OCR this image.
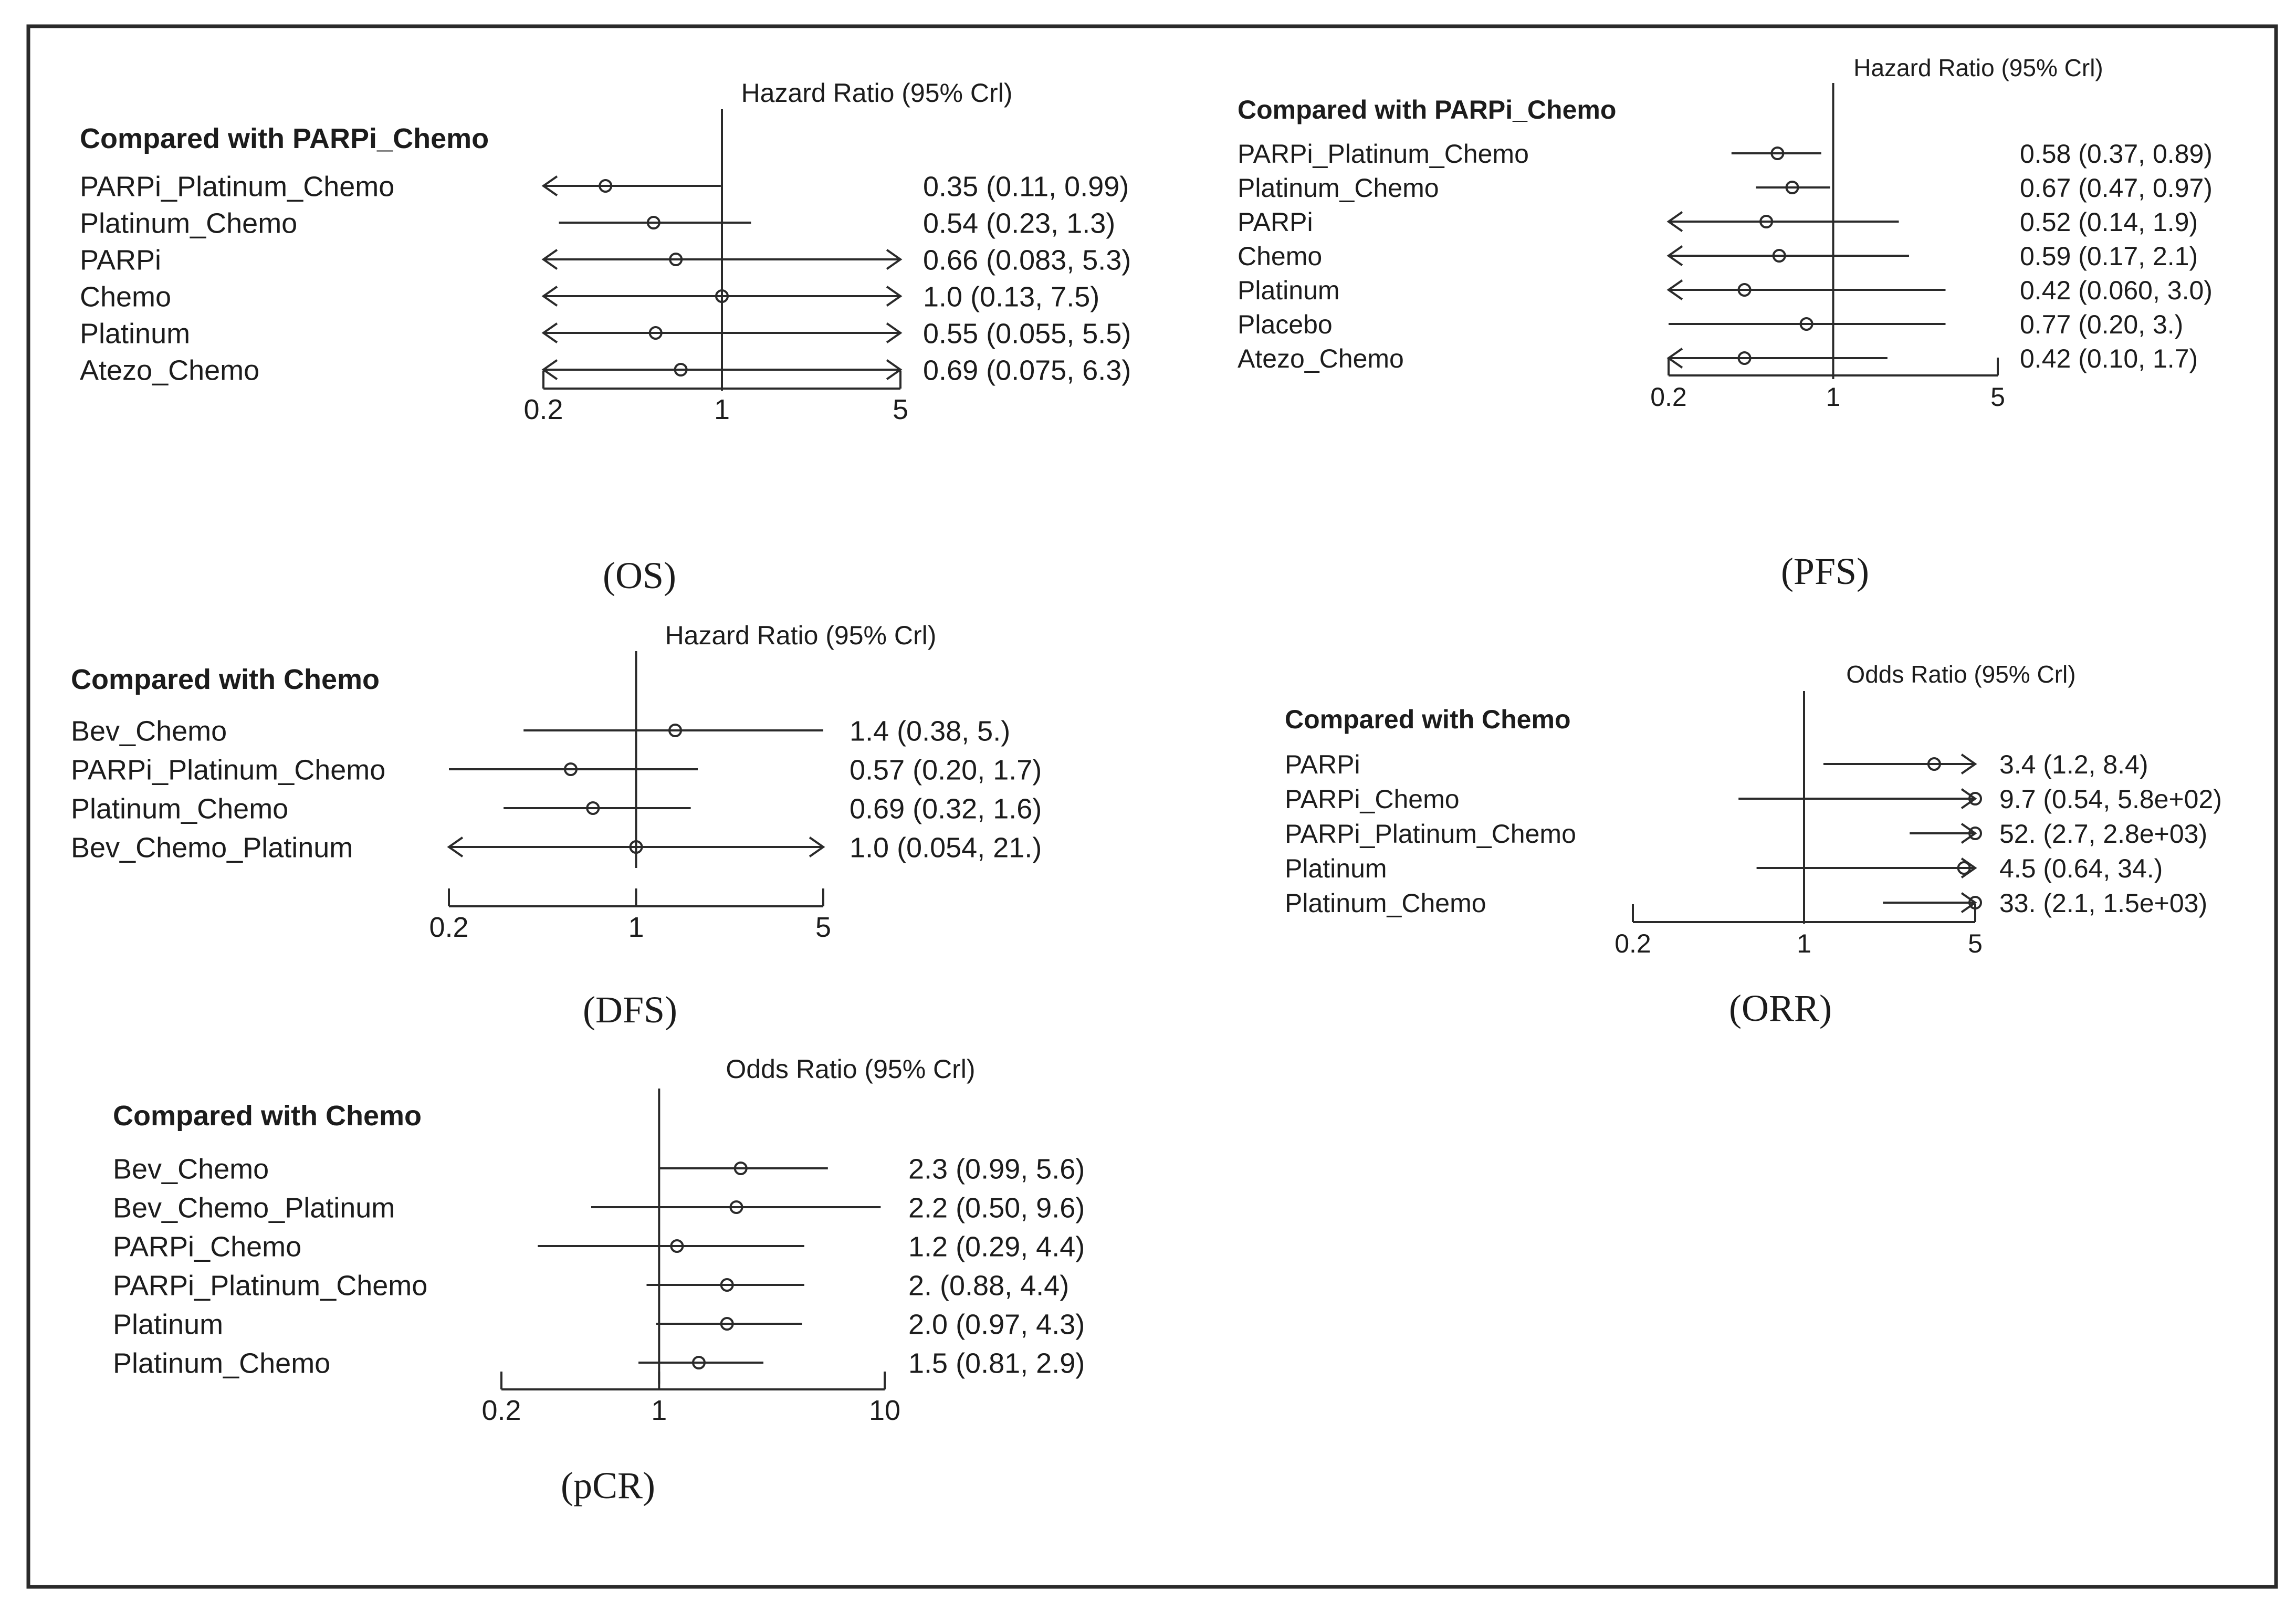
Hazard Ratio (95% Crl)
Compared with PARPi_Chemo
PARPi_Platinum_Chemo	0.35 (0.11, 0.99)
Platinum_Chemo	0.54 (0.23, 1.3)
PARPi	0.66 (0.083, 5.3)
Chemo	1.0 (0.13, 7.5)
Platinum	0.55 (0.055, 5.5)
Atezo_Chemo	0.69 (0.075, 6.3)
0.2	1	5
(OS)
Hazard Ratio (95% Crl)
Compared with PARPi_Chemo
PARPi_Platinum_Chemo	0.58 (0.37, 0.89)
Platinum_Chemo	0.67 (0.47, 0.97)
PARPi	0.52 (0.14, 1.9)
Chemo	0.59 (0.17, 2.1)
Platinum	0.42 (0.060, 3.0)
Placebo	0.77 (0.20, 3.)
Atezo_Chemo	0.42 (0.10, 1.7)
0.2	1	5
(PFS)
Hazard Ratio (95% Crl)
Compared with Chemo
Bev_Chemo	1.4 (0.38, 5.)
PARPi_Platinum_Chemo	0.57 (0.20, 1.7)
Platinum_Chemo	0.69 (0.32, 1.6)
Bev_Chemo_Platinum	1.0 (0.054, 21.)
0.2	1	5
(DFS)
Odds Ratio (95% Crl)
Compared with Chemo
PARPi	3.4 (1.2, 8.4)
PARPi_Chemo	9.7 (0.54, 5.8e+02)
PARPi_Platinum_Chemo	52. (2.7, 2.8e+03)
Platinum	4.5 (0.64, 34.)
Platinum_Chemo	33. (2.1, 1.5e+03)
0.2	1	5
(ORR)
Odds Ratio (95% Crl)
Compared with Chemo
Bev_Chemo	2.3 (0.99, 5.6)
Bev_Chemo_Platinum	2.2 (0.50, 9.6)
PARPi_Chemo	1.2 (0.29, 4.4)
PARPi_Platinum_Chemo	2. (0.88, 4.4)
Platinum	2.0 (0.97, 4.3)
Platinum_Chemo	1.5 (0.81, 2.9)
0.2	1	10
(pCR)
